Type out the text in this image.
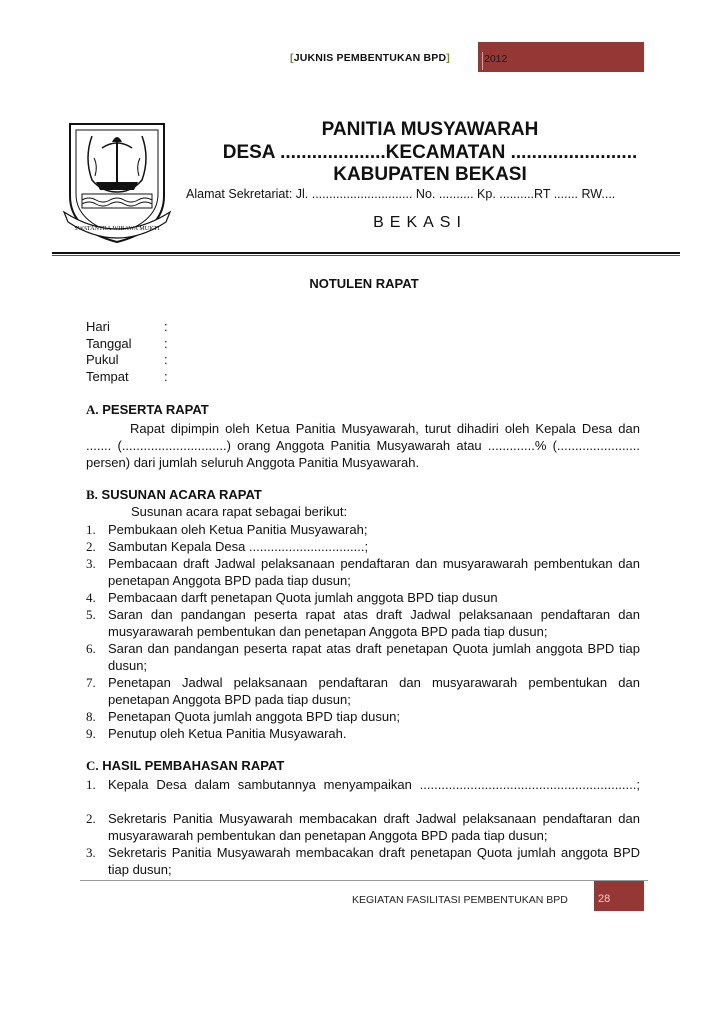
[JUKNIS PEMBENTUKAN BPD]	2012
SWATANTRA WIBAWA MUKTI
PANITIA MUSYAWARAH
DESA ....................KECAMATAN ........................
KABUPATEN BEKASI
Alamat Sekretariat: Jl. ............................. No. .......... Kp. ..........RT ....... RW....
BEKASI
NOTULEN RAPAT
Hari	:
Tanggal :
Pukul	:
Tempat	:
A. PESERTA RAPAT
Rapat dipimpin oleh Ketua Panitia Musyawarah, turut dihadiri oleh Kepala Desa dan ....... (.............................) orang Anggota Panitia Musyawarah atau .............% (....................... persen) dari jumlah seluruh Anggota Panitia Musyawarah.
B. SUSUNAN ACARA RAPAT
Susunan acara rapat sebagai berikut:
1. Pembukaan oleh Ketua Panitia Musyawarah;
2. Sambutan Kepala Desa ................................;
3. Pembacaan draft Jadwal pelaksanaan pendaftaran dan musyarawarah pembentukan dan penetapan Anggota BPD pada tiap dusun;
4. Pembacaan darft penetapan Quota jumlah anggota BPD tiap dusun
5. Saran dan pandangan peserta rapat atas draft Jadwal pelaksanaan pendaftaran dan musyarawarah pembentukan dan penetapan Anggota BPD pada tiap dusun;
6. Saran dan pandangan peserta rapat atas draft penetapan Quota jumlah anggota BPD tiap dusun;
7. Penetapan Jadwal pelaksanaan pendaftaran dan musyarawarah pembentukan dan penetapan Anggota BPD pada tiap dusun;
8. Penetapan Quota jumlah anggota BPD tiap dusun;
9. Penutup oleh Ketua Panitia Musyawarah.
C. HASIL PEMBAHASAN RAPAT
1. Kepala Desa dalam sambutannya menyampaikan ............................................................;
2. Sekretaris Panitia Musyawarah membacakan draft Jadwal pelaksanaan pendaftaran dan musyarawarah pembentukan dan penetapan Anggota BPD pada tiap dusun;
3. Sekretaris Panitia Musyawarah membacakan draft penetapan Quota jumlah anggota BPD tiap dusun;
KEGIATAN FASILITASI PEMBENTUKAN BPD	28
